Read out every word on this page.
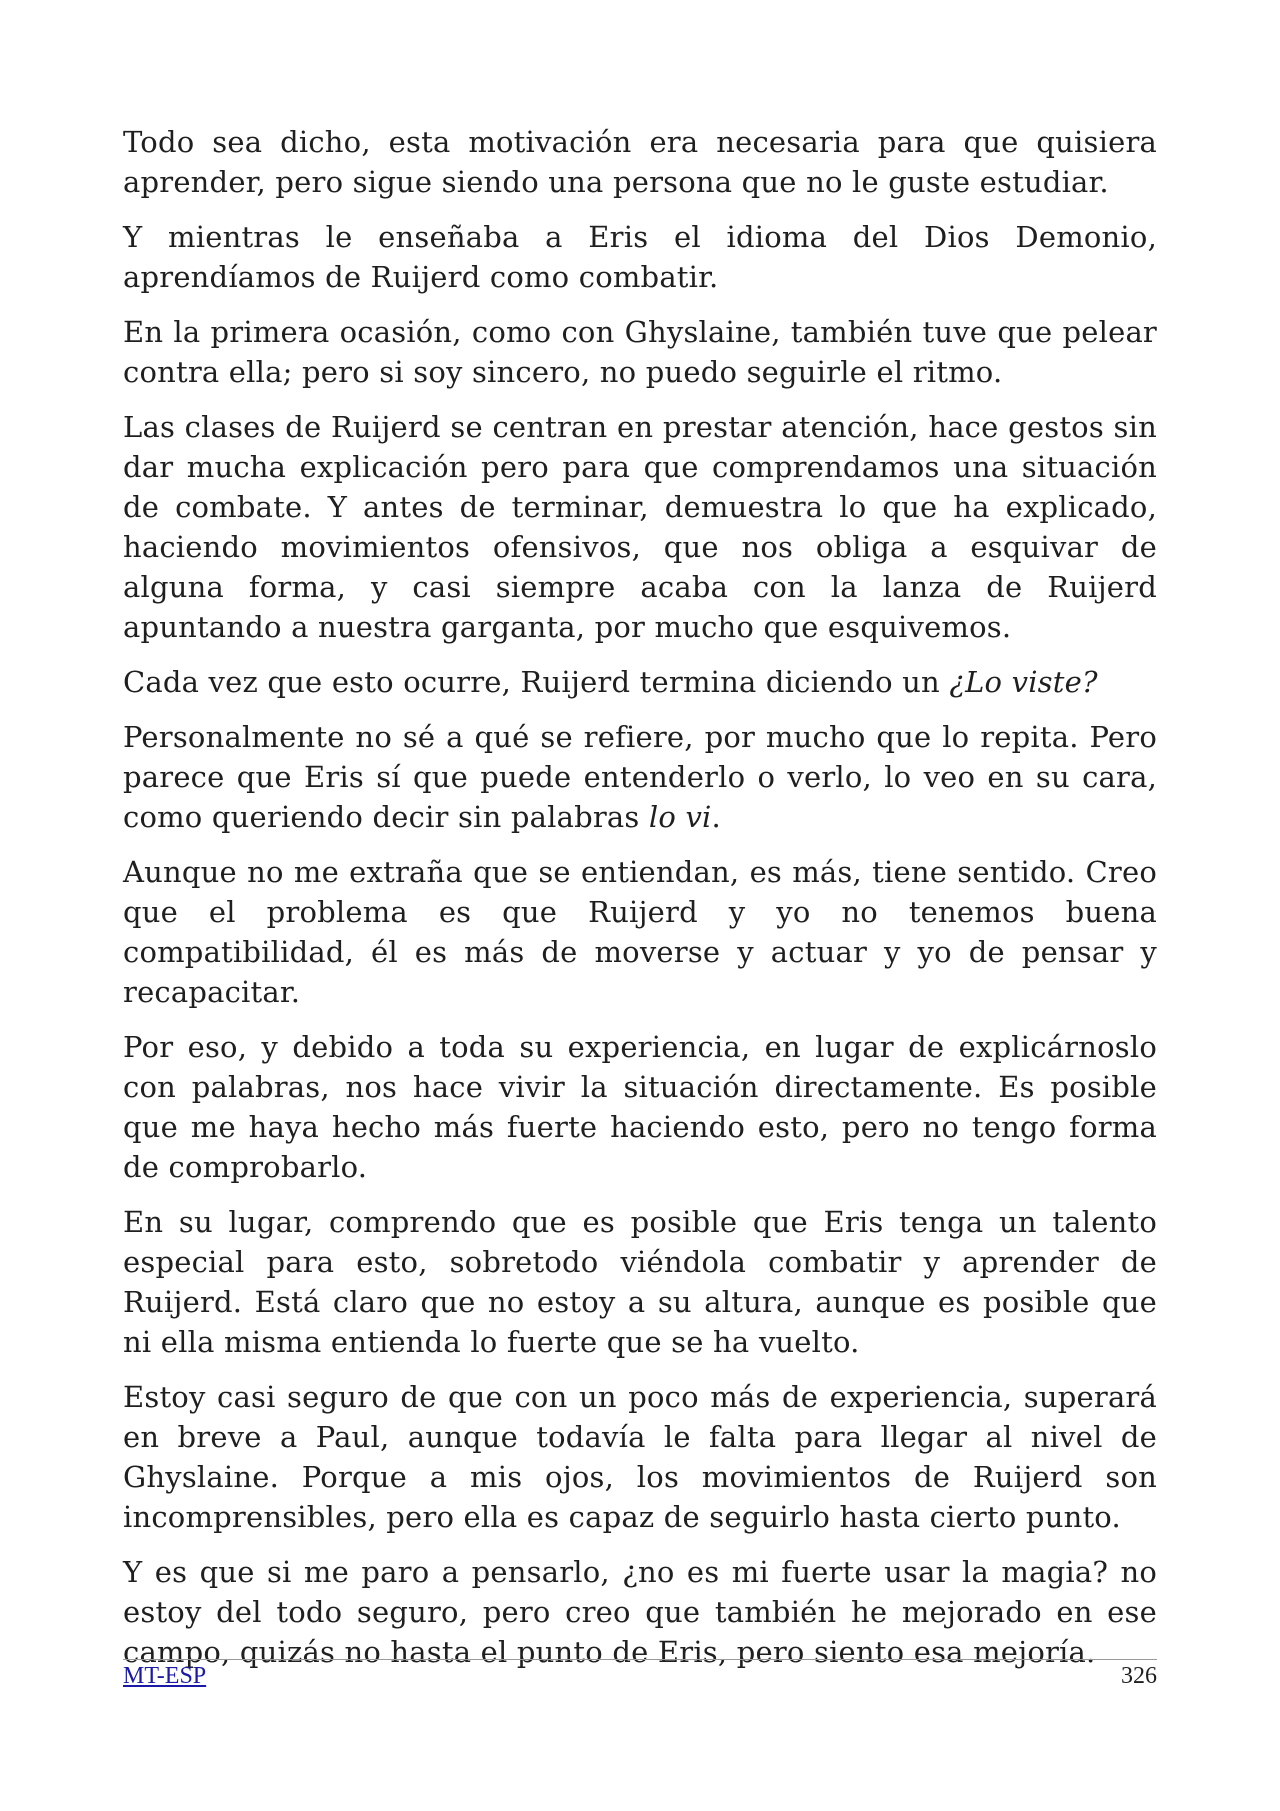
Todo sea dicho, esta motivación era necesaria para que quisiera aprender, pero sigue siendo una persona que no le guste estudiar.

Y mientras le enseñaba a Eris el idioma del Dios Demonio, aprendíamos de Ruijerd como combatir.

En la primera ocasión, como con Ghyslaine, también tuve que pelear contra ella; pero si soy sincero, no puedo seguirle el ritmo.

Las clases de Ruijerd se centran en prestar atención, hace gestos sin dar mucha explicación pero para que comprendamos una situación de combate. Y antes de terminar, demuestra lo que ha explicado, haciendo movimientos ofensivos, que nos obliga a esquivar de alguna forma, y casi siempre acaba con la lanza de Ruijerd apuntando a nuestra garganta, por mucho que esquivemos.

Cada vez que esto ocurre, Ruijerd termina diciendo un ¿Lo viste?

Personalmente no sé a qué se refiere, por mucho que lo repita. Pero parece que Eris sí que puede entenderlo o verlo, lo veo en su cara, como queriendo decir sin palabras lo vi.

Aunque no me extraña que se entiendan, es más, tiene sentido. Creo que el problema es que Ruijerd y yo no tenemos buena compatibilidad, él es más de moverse y actuar y yo de pensar y recapacitar.

Por eso, y debido a toda su experiencia, en lugar de explicárnoslo con palabras, nos hace vivir la situación directamente. Es posible que me haya hecho más fuerte haciendo esto, pero no tengo forma de comprobarlo.

En su lugar, comprendo que es posible que Eris tenga un talento especial para esto, sobretodo viéndola combatir y aprender de Ruijerd. Está claro que no estoy a su altura, aunque es posible que ni ella misma entienda lo fuerte que se ha vuelto.

Estoy casi seguro de que con un poco más de experiencia, superará en breve a Paul, aunque todavía le falta para llegar al nivel de Ghyslaine. Porque a mis ojos, los movimientos de Ruijerd son incomprensibles, pero ella es capaz de seguirlo hasta cierto punto.

Y es que si me paro a pensarlo, ¿no es mi fuerte usar la magia? no estoy del todo seguro, pero creo que también he mejorado en ese campo, quizás no hasta el punto de Eris, pero siento esa mejoría.

MT-ESP	326
